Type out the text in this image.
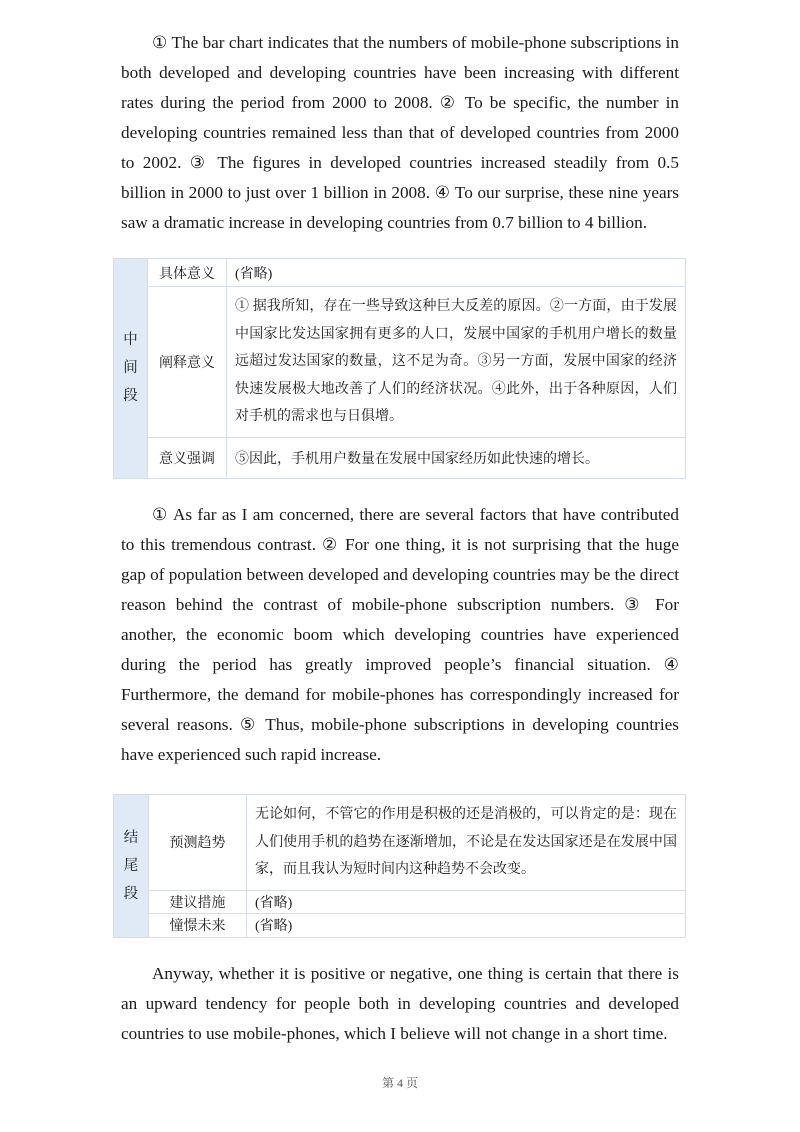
① The bar chart indicates that the numbers of mobile-phone subscriptions in both developed and developing countries have been increasing with different rates during the period from 2000 to 2008. ② To be specific, the number in developing countries remained less than that of developed countries from 2000 to 2002. ③ The figures in developed countries increased steadily from 0.5 billion in 2000 to just over 1 billion in 2008. ④ To our surprise, these nine years saw a dramatic increase in developing countries from 0.7 billion to 4 billion.

中
间
段	具体意义	(省略)
	阐释意义	① 据我所知，存在一些导致这种巨大反差的原因。②一方面，由于发展中国家比发达国家拥有更多的人口，发展中国家的手机用户增长的数量远超过发达国家的数量，这不足为奇。③另一方面，发展中国家的经济快速发展极大地改善了人们的经济状况。④此外，出于各种原因，人们对手机的需求也与日俱增。
	意义强调	⑤因此，手机用户数量在发展中国家经历如此快速的增长。

① As far as I am concerned, there are several factors that have contributed to this tremendous contrast. ② For one thing, it is not surprising that the huge gap of population between developed and developing countries may be the direct reason behind the contrast of mobile-phone subscription numbers. ③ For another, the economic boom which developing countries have experienced during the period has greatly improved people’s financial situation. ④ Furthermore, the demand for mobile-phones has correspondingly increased for several reasons. ⑤ Thus, mobile-phone subscriptions in developing countries have experienced such rapid increase.

结
尾
段	预测趋势	无论如何，不管它的作用是积极的还是消极的，可以肯定的是：现在人们使用手机的趋势在逐渐增加，不论是在发达国家还是在发展中国家，而且我认为短时间内这种趋势不会改变。
	建议措施	(省略)
	憧憬未来	(省略)

Anyway, whether it is positive or negative, one thing is certain that there is an upward tendency for people both in developing countries and developed countries to use mobile-phones, which I believe will not change in a short time.

第 4 页
